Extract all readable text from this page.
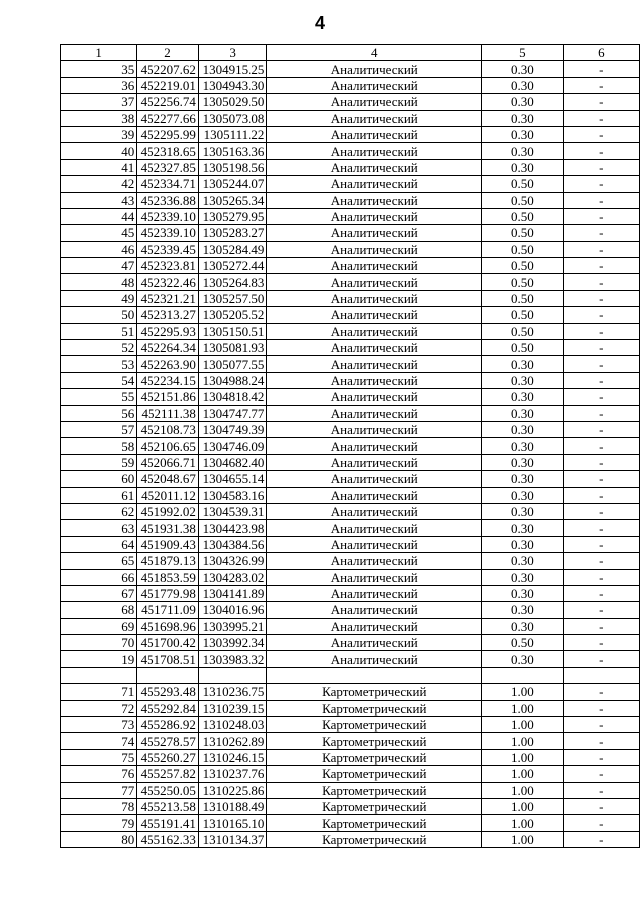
4
1	2	3	4	5	6
35	452207.62	1304915.25	Аналитический	0.30	-
36	452219.01	1304943.30	Аналитический	0.30	-
37	452256.74	1305029.50	Аналитический	0.30	-
38	452277.66	1305073.08	Аналитический	0.30	-
39	452295.99	1305111.22	Аналитический	0.30	-
40	452318.65	1305163.36	Аналитический	0.30	-
41	452327.85	1305198.56	Аналитический	0.30	-
42	452334.71	1305244.07	Аналитический	0.50	-
43	452336.88	1305265.34	Аналитический	0.50	-
44	452339.10	1305279.95	Аналитический	0.50	-
45	452339.10	1305283.27	Аналитический	0.50	-
46	452339.45	1305284.49	Аналитический	0.50	-
47	452323.81	1305272.44	Аналитический	0.50	-
48	452322.46	1305264.83	Аналитический	0.50	-
49	452321.21	1305257.50	Аналитический	0.50	-
50	452313.27	1305205.52	Аналитический	0.50	-
51	452295.93	1305150.51	Аналитический	0.50	-
52	452264.34	1305081.93	Аналитический	0.50	-
53	452263.90	1305077.55	Аналитический	0.30	-
54	452234.15	1304988.24	Аналитический	0.30	-
55	452151.86	1304818.42	Аналитический	0.30	-
56	452111.38	1304747.77	Аналитический	0.30	-
57	452108.73	1304749.39	Аналитический	0.30	-
58	452106.65	1304746.09	Аналитический	0.30	-
59	452066.71	1304682.40	Аналитический	0.30	-
60	452048.67	1304655.14	Аналитический	0.30	-
61	452011.12	1304583.16	Аналитический	0.30	-
62	451992.02	1304539.31	Аналитический	0.30	-
63	451931.38	1304423.98	Аналитический	0.30	-
64	451909.43	1304384.56	Аналитический	0.30	-
65	451879.13	1304326.99	Аналитический	0.30	-
66	451853.59	1304283.02	Аналитический	0.30	-
67	451779.98	1304141.89	Аналитический	0.30	-
68	451711.09	1304016.96	Аналитический	0.30	-
69	451698.96	1303995.21	Аналитический	0.30	-
70	451700.42	1303992.34	Аналитический	0.50	-
19	451708.51	1303983.32	Аналитический	0.30	-

71	455293.48	1310236.75	Картометрический	1.00	-
72	455292.84	1310239.15	Картометрический	1.00	-
73	455286.92	1310248.03	Картометрический	1.00	-
74	455278.57	1310262.89	Картометрический	1.00	-
75	455260.27	1310246.15	Картометрический	1.00	-
76	455257.82	1310237.76	Картометрический	1.00	-
77	455250.05	1310225.86	Картометрический	1.00	-
78	455213.58	1310188.49	Картометрический	1.00	-
79	455191.41	1310165.10	Картометрический	1.00	-
80	455162.33	1310134.37	Картометрический	1.00	-
